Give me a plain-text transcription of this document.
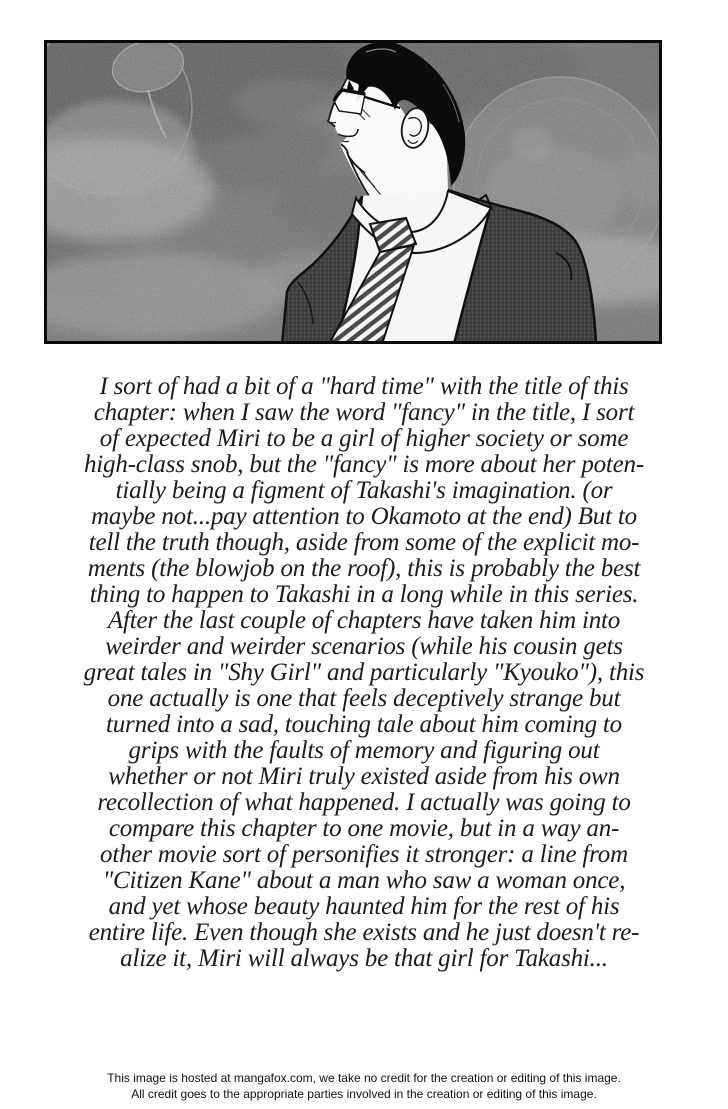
I sort of had a bit of a "hard time" with the title of this
chapter: when I saw the word "fancy" in the title, I sort
of expected Miri to be a girl of higher society or some
high-class snob, but the "fancy" is more about her poten-
tially being a figment of Takashi's imagination. (or
maybe not...pay attention to Okamoto at the end) But to
tell the truth though, aside from some of the explicit mo-
ments (the blowjob on the roof), this is probably the best
thing to happen to Takashi in a long while in this series.
After the last couple of chapters have taken him into
weirder and weirder scenarios (while his cousin gets
great tales in "Shy Girl" and particularly "Kyouko"), this
one actually is one that feels deceptively strange but
turned into a sad, touching tale about him coming to
grips with the faults of memory and figuring out
whether or not Miri truly existed aside from his own
recollection of what happened. I actually was going to
compare this chapter to one movie, but in a way an-
other movie sort of personifies it stronger: a line from
"Citizen Kane" about a man who saw a woman once,
and yet whose beauty haunted him for the rest of his
entire life. Even though she exists and he just doesn't re-
alize it, Miri will always be that girl for Takashi...
This image is hosted at mangafox.com, we take no credit for the creation or editing of this image.
All credit goes to the appropriate parties involved in the creation or editing of this image.
